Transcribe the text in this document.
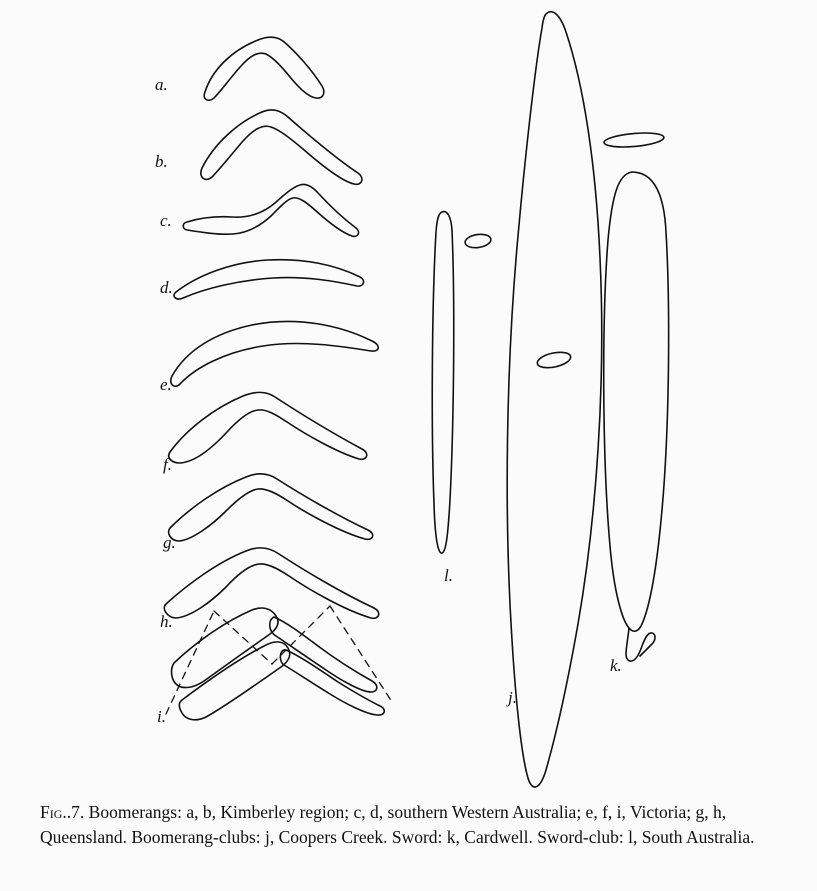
a.
b.
c.
d.
e.
f.
g.
h.
i.
j.
k.
l.
Fig..7. Boomerangs: a, b, Kimberley region; c, d, southern Western Australia; e, f, i, Victoria; g, h, Queensland. Boomerang-clubs: j, Coopers Creek. Sword: k, Cardwell. Sword-club: l, South Australia.
